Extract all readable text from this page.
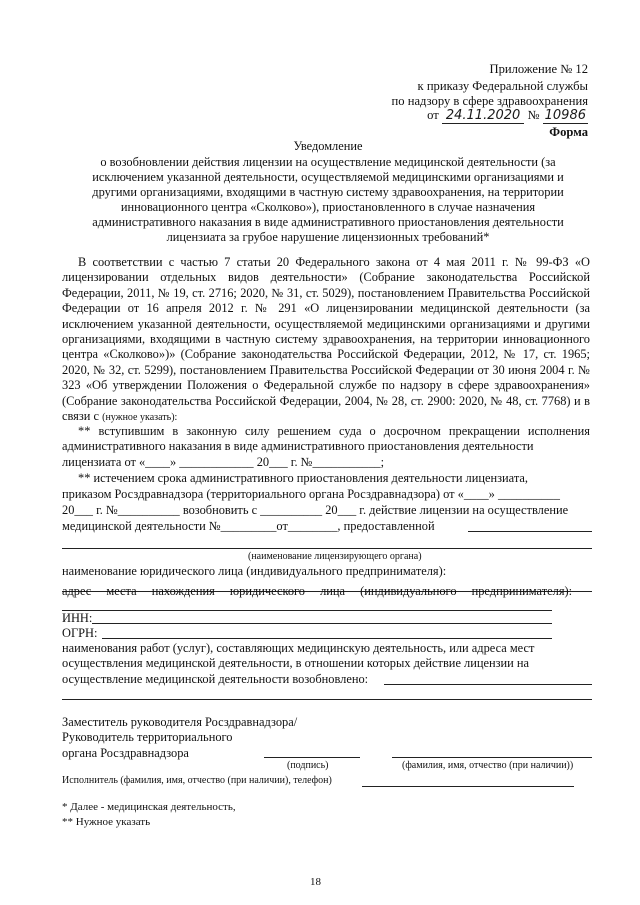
Приложение № 12
к приказу Федеральной службы
по надзору в сфере здравоохранения
от 24.11.2020 № 10986
Форма
Уведомление
о возобновлении действия лицензии на осуществление медицинской деятельности (за
исключением указанной деятельности, осуществляемой медицинскими организациями и
другими организациями, входящими в частную систему здравоохранения, на территории
инновационного центра «Сколково»), приостановленного в случае назначения
административного наказания в виде административного приостановления деятельности
лицензиата за грубое нарушение лицензионных требований*
В соответствии с частью 7 статьи 20 Федерального закона от 4 мая 2011 г. № 99-ФЗ «О лицензировании отдельных видов деятельности» (Собрание законодательства Российской Федерации, 2011, № 19, ст. 2716; 2020, № 31, ст. 5029), постановлением Правительства Российской Федерации от 16 апреля 2012 г. № 291 «О лицензировании медицинской деятельности (за исключением указанной деятельности, осуществляемой медицинскими организациями и другими организациями, входящими в частную систему здравоохранения, на территории инновационного центра «Сколково»)» (Собрание законодательства Российской Федерации, 2012, № 17, ст. 1965; 2020, № 32, ст. 5299), постановлением Правительства Российской Федерации от 30 июня 2004 г. № 323 «Об утверждении Положения о Федеральной службе по надзору в сфере здравоохранения» (Собрание законодательства Российской Федерации, 2004, № 28, ст. 2900: 2020, № 48, ст. 7768) и в связи с (нужное указать):
** вступившим в законную силу решением суда о досрочном прекращении исполнения административного наказания в виде административного приостановления деятельности
лицензиата от «____» ____________ 20___ г. №___________;
** истечением срока административного приостановления деятельности лицензиата,
приказом Росздравнадзора (территориального органа Росздравнадзора) от «____» __________
20___ г. №__________ возобновить с __________ 20___ г. действие лицензии на осуществление
медицинской деятельности №_________от________, предоставленной
(наименование лицензирующего органа)
наименование юридического лица (индивидуального предпринимателя):
адрес места нахождения юридического лица (индивидуального предпринимателя):
ИНН:
ОГРН:
наименования работ (услуг), составляющих медицинскую деятельность, или адреса мест
осуществления медицинской деятельности, в отношении которых действие лицензии на
осуществление медицинской деятельности возобновлено:
Заместитель руководителя Росздравнадзора/
Руководитель территориального
органа Росздравнадзора
(подпись)	(фамилия, имя, отчество (при наличии))
Исполнитель (фамилия, имя, отчество (при наличии), телефон)
* Далее - медицинская деятельность,
** Нужное указать
18
